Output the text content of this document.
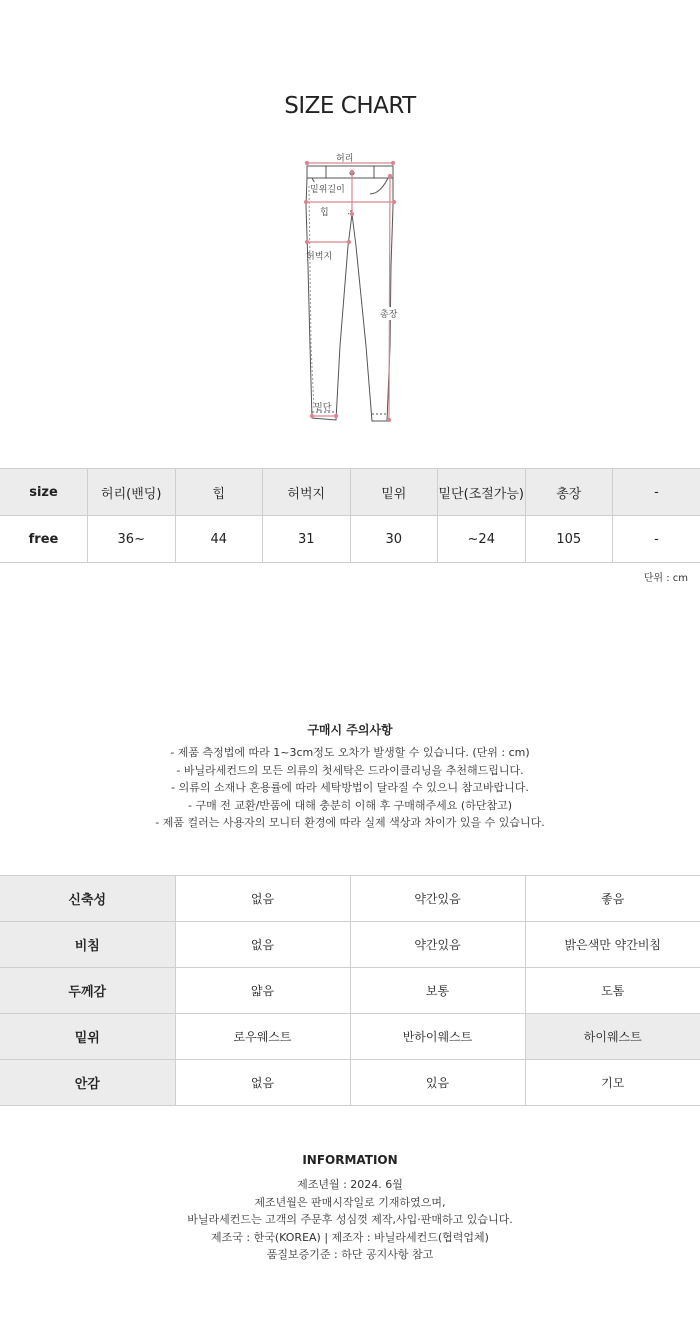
SIZE CHART
허리
밑위길이
힙
허벅지
총장
밑단
size	허리(밴딩)	힙	허벅지	밑위	밑단(조절가능)	총장	-
free	36~	44	31	30	~24	105	-
단위 : cm
구매시 주의사항
- 제품 측정법에 따라 1~3cm정도 오차가 발생할 수 있습니다. (단위 : cm)
- 바닐라세컨드의 모든 의류의 첫세탁은 드라이클리닝을 추천해드립니다.
- 의류의 소재나 혼용률에 따라 세탁방법이 달라질 수 있으니 참고바랍니다.
- 구매 전 교환/반품에 대해 충분히 이해 후 구매해주세요 (하단참고)
- 제품 컬러는 사용자의 모니터 환경에 따라 실제 색상과 차이가 있을 수 있습니다.
신축성	없음	약간있음	좋음
비침	없음	약간있음	밝은색만 약간비침
두께감	얇음	보통	도톰
밑위	로우웨스트	반하이웨스트	하이웨스트
안감	없음	있음	기모
INFORMATION
제조년월 : 2024. 6월
제조년월은 판매시작일로 기재하였으며,
바닐라세컨드는 고객의 주문후 성심껏 제작,사입·판매하고 있습니다.
제조국 : 한국(KOREA) | 제조자 : 바닐라세컨드(협력업체)
품질보증기준 : 하단 공지사항 참고
